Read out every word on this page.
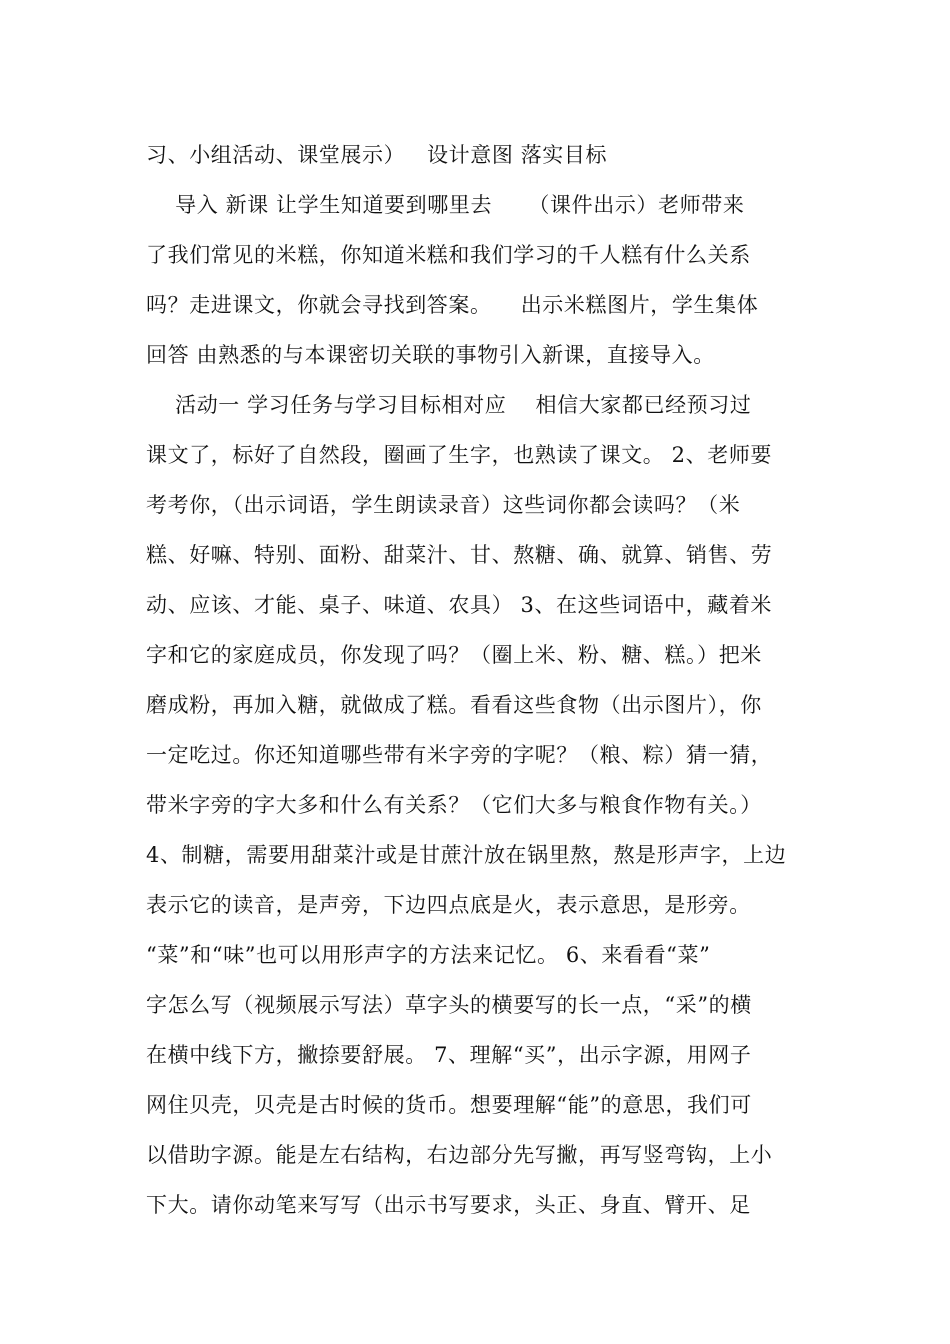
习、小组活动、课堂展示）   设计意图 落实目标
导入 新课 让学生知道要到哪里去     （课件出示）老师带来
了我们常见的米糕，你知道米糕和我们学习的千人糕有什么关系
吗？走进课文，你就会寻找到答案。    出示米糕图片，学生集体
回答 由熟悉的与本课密切关联的事物引入新课，直接导入。
活动一 学习任务与学习目标相对应    相信大家都已经预习过
课文了，标好了自然段，圈画了生字，也熟读了课文。 2、老师要
考考你，（出示词语，学生朗读录音）这些词你都会读吗？（米
糕、好嘛、特别、面粉、甜菜汁、甘、熬糖、确、就算、销售、劳
动、应该、才能、桌子、味道、农具） 3、在这些词语中，藏着米
字和它的家庭成员，你发现了吗？（圈上米、粉、糖、糕。）把米
磨成粉，再加入糖，就做成了糕。看看这些食物（出示图片），你
一定吃过。你还知道哪些带有米字旁的字呢？（粮、粽）猜一猜，
带米字旁的字大多和什么有关系？（它们大多与粮食作物有关。）
4、制糖，需要用甜菜汁或是甘蔗汁放在锅里熬，熬是形声字，上边
表示它的读音，是声旁，下边四点底是火，表示意思，是形旁。
“菜”和“味”也可以用形声字的方法来记忆。 6、来看看“菜”
字怎么写（视频展示写法）草字头的横要写的长一点，“采”的横
在横中线下方，撇捺要舒展。 7、理解“买”，出示字源，用网子
网住贝壳，贝壳是古时候的货币。想要理解“能”的意思，我们可
以借助字源。能是左右结构，右边部分先写撇，再写竖弯钩，上小
下大。请你动笔来写写（出示书写要求，头正、身直、臂开、足
